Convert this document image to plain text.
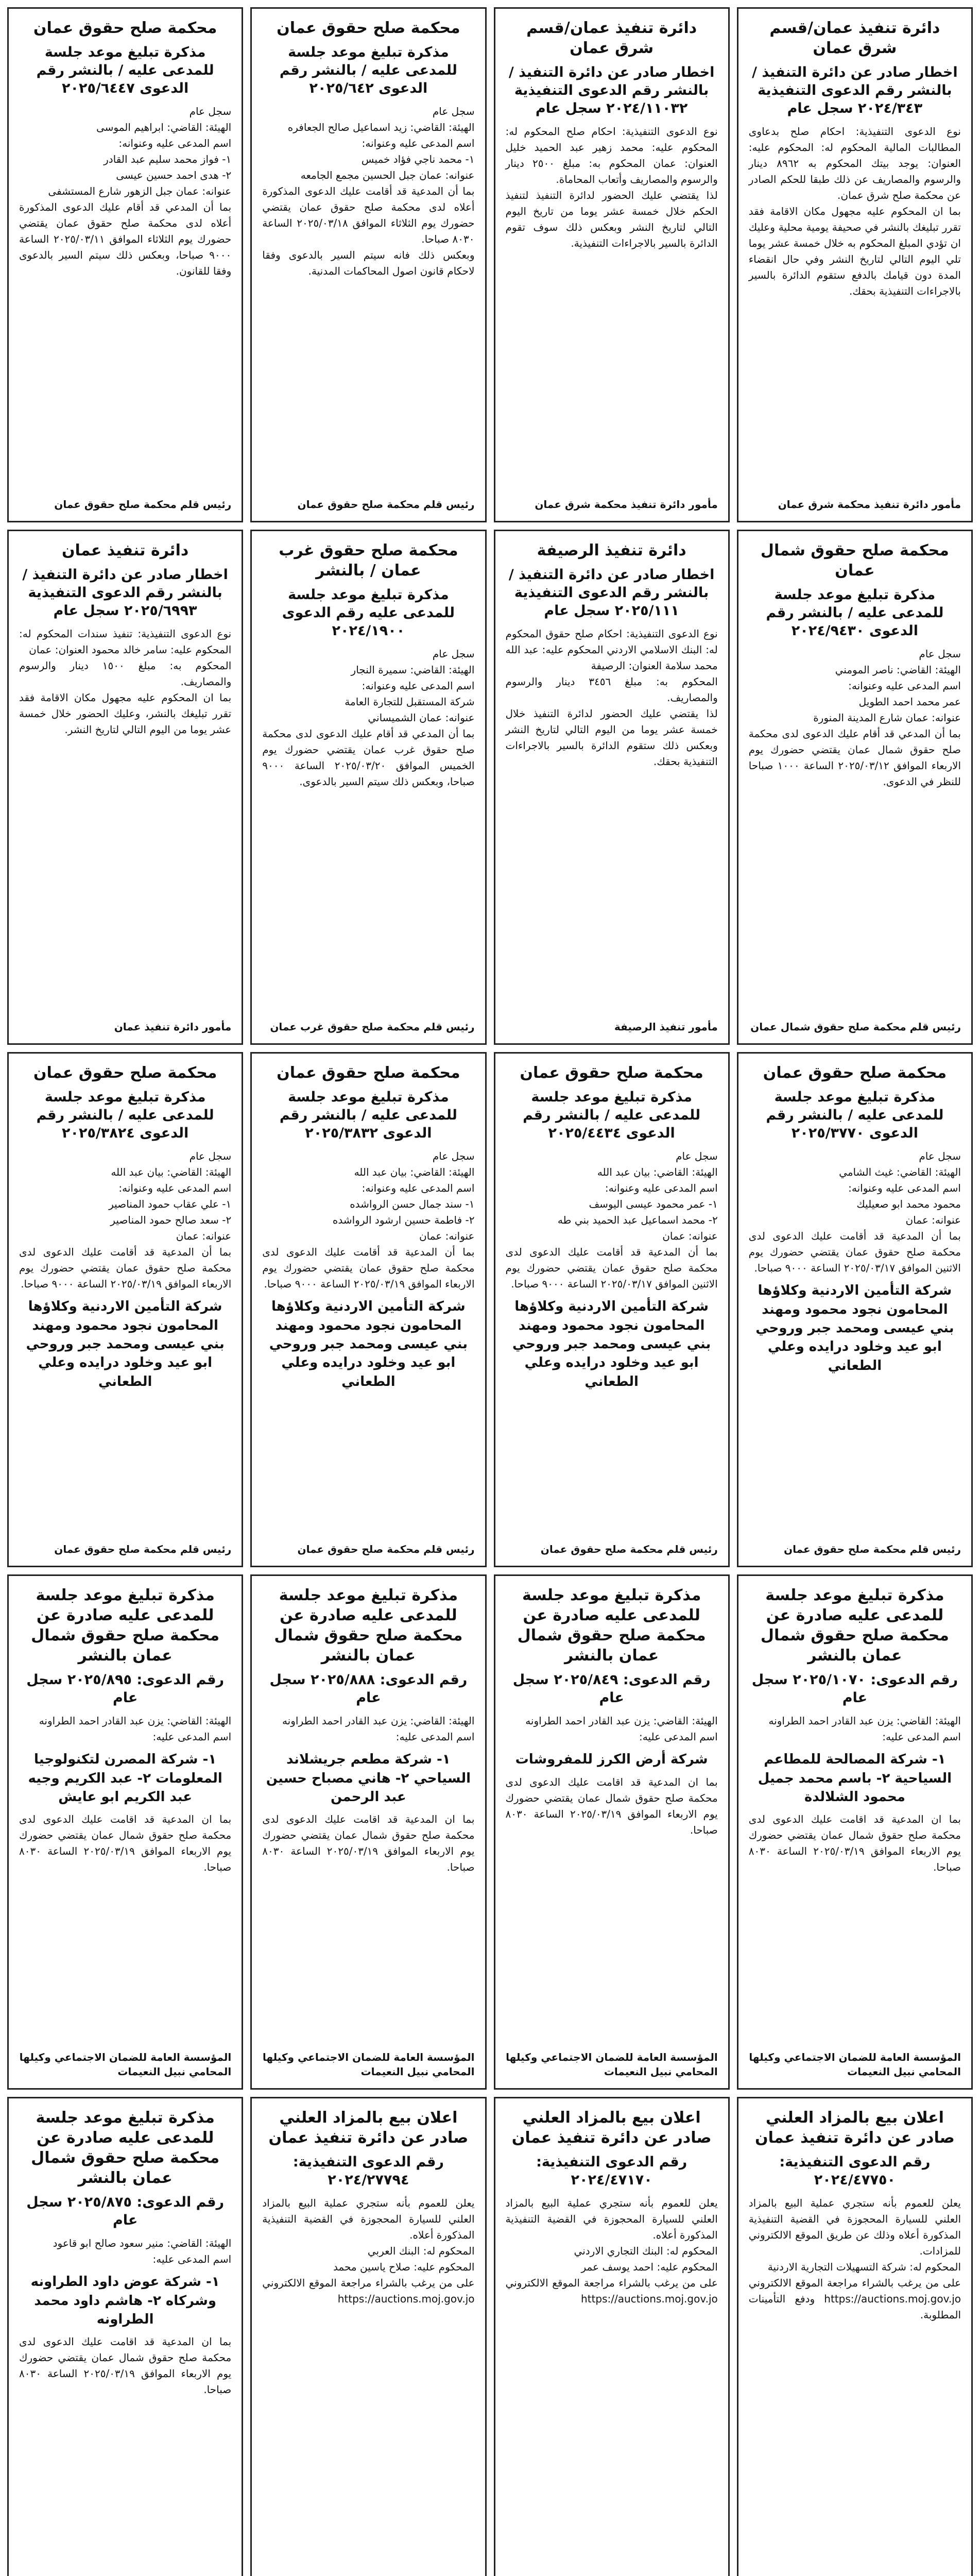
دائرة تنفيذ عمان/قسم شرق عمان
اخطار صادر عن دائرة التنفيذ / بالنشر رقم الدعوى التنفيذية ٢٠٢٤/٣٤٣ سجل عام
نوع الدعوى التنفيذية: احكام صلح بدعاوى المطالبات المالية المحكوم له: المحكوم عليه: العنوان: يوجد بيتك المحكوم به ٨٩٦٢ دينار والرسوم والمصاريف عن ذلك طبقا للحكم الصادر عن محكمة صلح شرق عمان.
بما ان المحكوم عليه مجهول مكان الاقامة فقد تقرر تبليغك بالنشر في صحيفة يومية محلية وعليك ان تؤدي المبلغ المحكوم به خلال خمسة عشر يوما تلي اليوم التالي لتاريخ النشر وفي حال انقضاء المدة دون قيامك بالدفع ستقوم الدائرة بالسير بالاجراءات التنفيذية بحقك.
مأمور دائرة تنفيذ محكمة شرق عمان
دائرة تنفيذ عمان/قسم شرق عمان
اخطار صادر عن دائرة التنفيذ / بالنشر رقم الدعوى التنفيذية ٢٠٢٤/١١٠٣٢ سجل عام
نوع الدعوى التنفيذية: احكام صلح المحكوم له: المحكوم عليه: محمد زهير عبد الحميد خليل العنوان: عمان المحكوم به: مبلغ ٢٥٠٠ دينار والرسوم والمصاريف وأتعاب المحاماة.
لذا يقتضي عليك الحضور لدائرة التنفيذ لتنفيذ الحكم خلال خمسة عشر يوما من تاريخ اليوم التالي لتاريخ النشر وبعكس ذلك سوف تقوم الدائرة بالسير بالاجراءات التنفيذية.
مأمور دائرة تنفيذ محكمة شرق عمان
محكمة صلح حقوق عمان
مذكرة تبليغ موعد جلسة للمدعى عليه / بالنشر رقم الدعوى ٢٠٢٥/٦٤٢
سجل عام
الهيئة: القاضي: زيد اسماعيل صالح الجعافره
اسم المدعى عليه وعنوانه:
١- محمد ناجي فؤاد خميس
عنوانه: عمان جبل الحسين مجمع الجامعه
بما أن المدعية قد أقامت عليك الدعوى المذكورة أعلاه لدى محكمة صلح حقوق عمان يقتضي حضورك يوم الثلاثاء الموافق ٢٠٢٥/٠٣/١٨ الساعة ٨٠٣٠ صباحا.
وبعكس ذلك فانه سيتم السير بالدعوى وفقا لاحكام قانون اصول المحاكمات المدنية.
رئيس قلم محكمة صلح حقوق عمان
محكمة صلح حقوق عمان
مذكرة تبليغ موعد جلسة للمدعى عليه / بالنشر رقم الدعوى ٢٠٢٥/٦٤٤٧
سجل عام
الهيئة: القاضي: ابراهيم الموسى
اسم المدعى عليه وعنوانه:
١- فواز محمد سليم عبد القادر
٢- هدى احمد حسين عيسى
عنوانه: عمان جبل الزهور شارع المستشفى
بما أن المدعي قد أقام عليك الدعوى المذكورة أعلاه لدى محكمة صلح حقوق عمان يقتضي حضورك يوم الثلاثاء الموافق ٢٠٢٥/٠٣/١١ الساعة ٩٠٠٠ صباحا، وبعكس ذلك سيتم السير بالدعوى وفقا للقانون.
رئيس قلم محكمة صلح حقوق عمان
محكمة صلح حقوق شمال عمان
مذكرة تبليغ موعد جلسة للمدعى عليه / بالنشر رقم الدعوى ٢٠٢٤/٩٤٣٠
سجل عام
الهيئة: القاضي: ناصر المومني
اسم المدعى عليه وعنوانه:
عمر محمد احمد الطويل
عنوانه: عمان شارع المدينة المنورة
بما أن المدعي قد أقام عليك الدعوى لدى محكمة صلح حقوق شمال عمان يقتضي حضورك يوم الاربعاء الموافق ٢٠٢٥/٠٣/١٢ الساعة ١٠٠٠ صباحا للنظر في الدعوى.
رئيس قلم محكمة صلح حقوق شمال عمان
دائرة تنفيذ الرصيفة
اخطار صادر عن دائرة التنفيذ / بالنشر رقم الدعوى التنفيذية ٢٠٢٥/١١١ سجل عام
نوع الدعوى التنفيذية: احكام صلح حقوق المحكوم له: البنك الاسلامي الاردني المحكوم عليه: عبد الله محمد سلامة العنوان: الرصيفة
المحكوم به: مبلغ ٣٤٥٦ دينار والرسوم والمصاريف.
لذا يقتضي عليك الحضور لدائرة التنفيذ خلال خمسة عشر يوما من اليوم التالي لتاريخ النشر وبعكس ذلك ستقوم الدائرة بالسير بالاجراءات التنفيذية بحقك.
مأمور تنفيذ الرصيفة
محكمة صلح حقوق غرب عمان / بالنشر
مذكرة تبليغ موعد جلسة للمدعى عليه رقم الدعوى ٢٠٢٤/١٩٠٠
سجل عام
الهيئة: القاضي: سميرة النجار
اسم المدعى عليه وعنوانه:
شركة المستقبل للتجارة العامة
عنوانه: عمان الشميساني
بما أن المدعي قد أقام عليك الدعوى لدى محكمة صلح حقوق غرب عمان يقتضي حضورك يوم الخميس الموافق ٢٠٢٥/٠٣/٢٠ الساعة ٩٠٠٠ صباحا، وبعكس ذلك سيتم السير بالدعوى.
رئيس قلم محكمة صلح حقوق غرب عمان
دائرة تنفيذ عمان
اخطار صادر عن دائرة التنفيذ / بالنشر رقم الدعوى التنفيذية ٢٠٢٥/٦٩٩٣ سجل عام
نوع الدعوى التنفيذية: تنفيذ سندات المحكوم له: المحكوم عليه: سامر خالد محمود العنوان: عمان
المحكوم به: مبلغ ١٥٠٠ دينار والرسوم والمصاريف.
بما ان المحكوم عليه مجهول مكان الاقامة فقد تقرر تبليغك بالنشر، وعليك الحضور خلال خمسة عشر يوما من اليوم التالي لتاريخ النشر.
مأمور دائرة تنفيذ عمان
محكمة صلح حقوق عمان
مذكرة تبليغ موعد جلسة للمدعى عليه / بالنشر رقم الدعوى ٢٠٢٥/٣٧٧٠
سجل عام
الهيئة: القاضي: غيث الشامي
اسم المدعى عليه وعنوانه:
محمود محمد ابو صعيليك
عنوانه: عمان
بما أن المدعية قد أقامت عليك الدعوى لدى محكمة صلح حقوق عمان يقتضي حضورك يوم الاثنين الموافق ٢٠٢٥/٠٣/١٧ الساعة ٩٠٠٠ صباحا.
شركة التأمين الاردنية وكلاؤها المحامون نجود محمود ومهند بني عيسى ومحمد جبر وروحي ابو عيد وخلود درايده وعلي الطعاني
رئيس قلم محكمة صلح حقوق عمان
محكمة صلح حقوق عمان
مذكرة تبليغ موعد جلسة للمدعى عليه / بالنشر رقم الدعوى ٢٠٢٥/٤٤٣٤
سجل عام
الهيئة: القاضي: بيان عبد الله
اسم المدعى عليه وعنوانه:
١- عمر محمود عيسى اليوسف
٢- محمد اسماعيل عبد الحميد بني طه
عنوانه: عمان
بما أن المدعية قد أقامت عليك الدعوى لدى محكمة صلح حقوق عمان يقتضي حضورك يوم الاثنين الموافق ٢٠٢٥/٠٣/١٧ الساعة ٩٠٠٠ صباحا.
شركة التأمين الاردنية وكلاؤها المحامون نجود محمود ومهند بني عيسى ومحمد جبر وروحي ابو عيد وخلود درايده وعلي الطعاني
رئيس قلم محكمة صلح حقوق عمان
محكمة صلح حقوق عمان
مذكرة تبليغ موعد جلسة للمدعى عليه / بالنشر رقم الدعوى ٢٠٢٥/٣٨٣٢
سجل عام
الهيئة: القاضي: بيان عبد الله
اسم المدعى عليه وعنوانه:
١- سند جمال حسن الرواشده
٢- فاطمة حسين ارشود الرواشده
عنوانه: عمان
بما أن المدعية قد أقامت عليك الدعوى لدى محكمة صلح حقوق عمان يقتضي حضورك يوم الاربعاء الموافق ٢٠٢٥/٠٣/١٩ الساعة ٩٠٠٠ صباحا.
شركة التأمين الاردنية وكلاؤها المحامون نجود محمود ومهند بني عيسى ومحمد جبر وروحي ابو عيد وخلود درايده وعلي الطعاني
رئيس قلم محكمة صلح حقوق عمان
محكمة صلح حقوق عمان
مذكرة تبليغ موعد جلسة للمدعى عليه / بالنشر رقم الدعوى ٢٠٢٥/٣٨٢٤
سجل عام
الهيئة: القاضي: بيان عبد الله
اسم المدعى عليه وعنوانه:
١- علي عقاب حمود المناصير
٢- سعد صالح حمود المناصير
عنوانه: عمان
بما أن المدعية قد أقامت عليك الدعوى لدى محكمة صلح حقوق عمان يقتضي حضورك يوم الاربعاء الموافق ٢٠٢٥/٠٣/١٩ الساعة ٩٠٠٠ صباحا.
شركة التأمين الاردنية وكلاؤها المحامون نجود محمود ومهند بني عيسى ومحمد جبر وروحي ابو عيد وخلود درايده وعلي الطعاني
رئيس قلم محكمة صلح حقوق عمان
مذكرة تبليغ موعد جلسة للمدعى عليه صادرة عن محكمة صلح حقوق شمال عمان بالنشر
رقم الدعوى: ٢٠٢٥/١٠٧٠ سجل عام
الهيئة: القاضي: يزن عبد القادر احمد الطراونه
اسم المدعى عليه:
١- شركة المصالحة للمطاعم السياحية ٢- باسم محمد جميل محمود الشلالدة
بما ان المدعية قد اقامت عليك الدعوى لدى محكمة صلح حقوق شمال عمان يقتضي حضورك يوم الاربعاء الموافق ٢٠٢٥/٠٣/١٩ الساعة ٨٠٣٠ صباحا.
المؤسسة العامة للضمان الاجتماعي وكيلها المحامي نبيل النعيمات
مذكرة تبليغ موعد جلسة للمدعى عليه صادرة عن محكمة صلح حقوق شمال عمان بالنشر
رقم الدعوى: ٢٠٢٥/٨٤٩ سجل عام
الهيئة: القاضي: يزن عبد القادر احمد الطراونه
اسم المدعى عليه:
شركة أرض الكرز للمفروشات
بما ان المدعية قد اقامت عليك الدعوى لدى محكمة صلح حقوق شمال عمان يقتضي حضورك يوم الاربعاء الموافق ٢٠٢٥/٠٣/١٩ الساعة ٨٠٣٠ صباحا.
المؤسسة العامة للضمان الاجتماعي وكيلها المحامي نبيل النعيمات
مذكرة تبليغ موعد جلسة للمدعى عليه صادرة عن محكمة صلح حقوق شمال عمان بالنشر
رقم الدعوى: ٢٠٢٥/٨٨٨ سجل عام
الهيئة: القاضي: يزن عبد القادر احمد الطراونه
اسم المدعى عليه:
١- شركة مطعم جريشلاند السياحي ٢- هاني مصباح حسين عبد الرحمن
بما ان المدعية قد اقامت عليك الدعوى لدى محكمة صلح حقوق شمال عمان يقتضي حضورك يوم الاربعاء الموافق ٢٠٢٥/٠٣/١٩ الساعة ٨٠٣٠ صباحا.
المؤسسة العامة للضمان الاجتماعي وكيلها المحامي نبيل النعيمات
مذكرة تبليغ موعد جلسة للمدعى عليه صادرة عن محكمة صلح حقوق شمال عمان بالنشر
رقم الدعوى: ٢٠٢٥/٨٩٥ سجل عام
الهيئة: القاضي: يزن عبد القادر احمد الطراونه
اسم المدعى عليه:
١- شركة المصرن لتكنولوجيا المعلومات ٢- عبد الكريم وجيه عبد الكريم ابو عايش
بما ان المدعية قد اقامت عليك الدعوى لدى محكمة صلح حقوق شمال عمان يقتضي حضورك يوم الاربعاء الموافق ٢٠٢٥/٠٣/١٩ الساعة ٨٠٣٠ صباحا.
المؤسسة العامة للضمان الاجتماعي وكيلها المحامي نبيل النعيمات
اعلان بيع بالمزاد العلني صادر عن دائرة تنفيذ عمان
رقم الدعوى التنفيذية: ٢٠٢٤/٤٧٧٥٠
يعلن للعموم بأنه ستجري عملية البيع بالمزاد العلني للسيارة المحجوزة في القضية التنفيذية المذكورة أعلاه وذلك عن طريق الموقع الالكتروني للمزادات.
المحكوم له: شركة التسهيلات التجارية الاردنية
على من يرغب بالشراء مراجعة الموقع الالكتروني https://auctions.moj.gov.jo ودفع التأمينات المطلوبة.
اعلان بيع بالمزاد العلني صادر عن دائرة تنفيذ عمان
رقم الدعوى التنفيذية: ٢٠٢٤/٤٧١٧٠
يعلن للعموم بأنه ستجري عملية البيع بالمزاد العلني للسيارة المحجوزة في القضية التنفيذية المذكورة أعلاه.
المحكوم له: البنك التجاري الاردني
المحكوم عليه: احمد يوسف عمر
على من يرغب بالشراء مراجعة الموقع الالكتروني https://auctions.moj.gov.jo
اعلان بيع بالمزاد العلني صادر عن دائرة تنفيذ عمان
رقم الدعوى التنفيذية: ٢٠٢٤/٢٧٧٩٤
يعلن للعموم بأنه ستجري عملية البيع بالمزاد العلني للسيارة المحجوزة في القضية التنفيذية المذكورة أعلاه.
المحكوم له: البنك العربي
المحكوم عليه: صلاح ياسين محمد
على من يرغب بالشراء مراجعة الموقع الالكتروني https://auctions.moj.gov.jo
مذكرة تبليغ موعد جلسة للمدعى عليه صادرة عن محكمة صلح حقوق شمال عمان بالنشر
رقم الدعوى: ٢٠٢٥/٨٧٥ سجل عام
الهيئة: القاضي: منير سعود صالح ابو قاعود
اسم المدعى عليه:
١- شركة عوض داود الطراونه وشركاه ٢- هاشم داود محمد الطراونه
بما ان المدعية قد اقامت عليك الدعوى لدى محكمة صلح حقوق شمال عمان يقتضي حضورك يوم الاربعاء الموافق ٢٠٢٥/٠٣/١٩ الساعة ٨٠٣٠ صباحا.
